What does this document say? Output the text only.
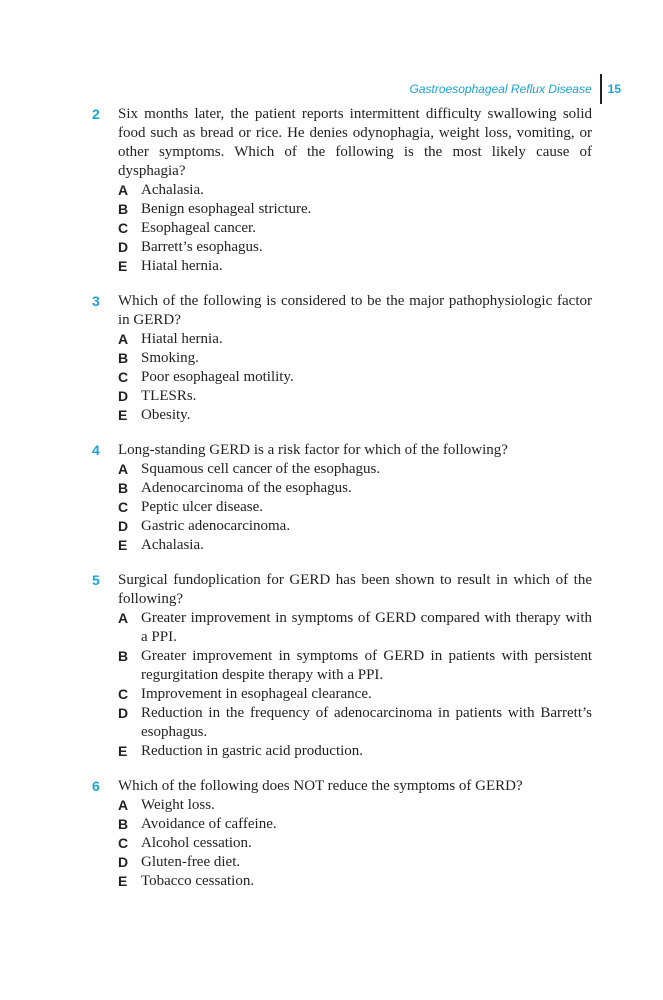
Gastroesophageal Reflux Disease	15
2 Six months later, the patient reports intermittent difficulty swallowing solid food such as bread or rice. He denies odynophagia, weight loss, vomiting, or other symptoms. Which of the following is the most likely cause of dysphagia?
A Achalasia.
B Benign esophageal stricture.
C Esophageal cancer.
D Barrett’s esophagus.
E Hiatal hernia.
3 Which of the following is considered to be the major pathophysiologic factor in GERD?
A Hiatal hernia.
B Smoking.
C Poor esophageal motility.
D TLESRs.
E Obesity.
4 Long-standing GERD is a risk factor for which of the following?
A Squamous cell cancer of the esophagus.
B Adenocarcinoma of the esophagus.
C Peptic ulcer disease.
D Gastric adenocarcinoma.
E Achalasia.
5 Surgical fundoplication for GERD has been shown to result in which of the following?
A Greater improvement in symptoms of GERD compared with therapy with a PPI.
B Greater improvement in symptoms of GERD in patients with persistent regurgitation despite therapy with a PPI.
C Improvement in esophageal clearance.
D Reduction in the frequency of adenocarcinoma in patients with Barrett’s esophagus.
E Reduction in gastric acid production.
6 Which of the following does NOT reduce the symptoms of GERD?
A Weight loss.
B Avoidance of caffeine.
C Alcohol cessation.
D Gluten-free diet.
E Tobacco cessation.
